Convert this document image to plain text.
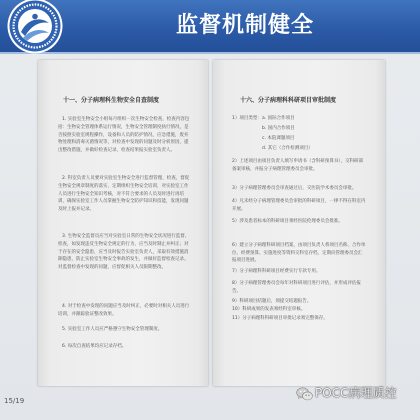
监督机制健全
十一、分子病理科生物安全自查制度

1. 实验室生物安全小组每月组织一次生物安全检查，检查内容包括：生物安全管理体系运行情况，生物安全管理制度执行情况，是否按照实验室规程操作，设备和人员的防护情况，应急措施，废弃物处理和消毒灭菌情况等，对检查中发现的问题及时分析原因，提出整改措施，并做好检查记录，检查结果报实验室负责人。

2. 科室负责人员要对实验室生物安全进行监督管理，检查，督促生物安全规章制度的落实，定期组织生物安全培训，对实验室工作人员进行生物安全知识考核，对不符合要求的人员及时进行再培训，确保实验室工作人员掌握生物安全防护知识和技能，发现问题及时上报并记录。

3. 生物安全监督员应当对实验室日常的生物安全状况进行监督、检查，如发现违反生物安全规定的行为，应当及时制止并纠正；对于存在的安全隐患，应当及时报告实验室负责人，采取有效措施消除隐患，防止实验室生物安全事故的发生，并做好监督检查记录。对监督检查中发现的问题，应督促相关人员限期整改。

4. 对于检查中发现的问题应当及时纠正，必要时对相关人员进行培训，并跟踪验证整改效果。

5. 实验室工作人员应严格遵守生物安全管理制度。

6. 每次自查结果均应记录存档。

十六、分子病理科科研项目审批制度
1）项目类型： a. 国际合作项目
b. 国内合作项目
c. 本院课题项目
d. 其它（合作检测项目）

2）上述项目由项目负责人填写申请书（含科研预算书），交科研部备案审核，并报分子病理管理委员会审批。

3）分子病理管理委员会审查通过后，交医院学术委员会审批。

4）凡未经分子病理管理委员会审批的科研项目，一律不得在科室内开展。

5）涉及患者标本的科研项目须经医院伦理委员会批准。

6）建立分子病理科研项目档案，由项目负责人将项目名称、合作单位、经费预算、实施进度等资料交科室存档，定期向管理委员会汇报项目进展。

7）分子病理科科研项目经费实行专款专用。

8）分子病理管理委员会每年对科研项目进行评估，并形成评估报告。

9）科研项目结题后，须提交结题报告。

10）科研成果的发表须经科室审核。

11）分子病理科科研项目审批记录须完整保存。

POCC病理质控
15/19
